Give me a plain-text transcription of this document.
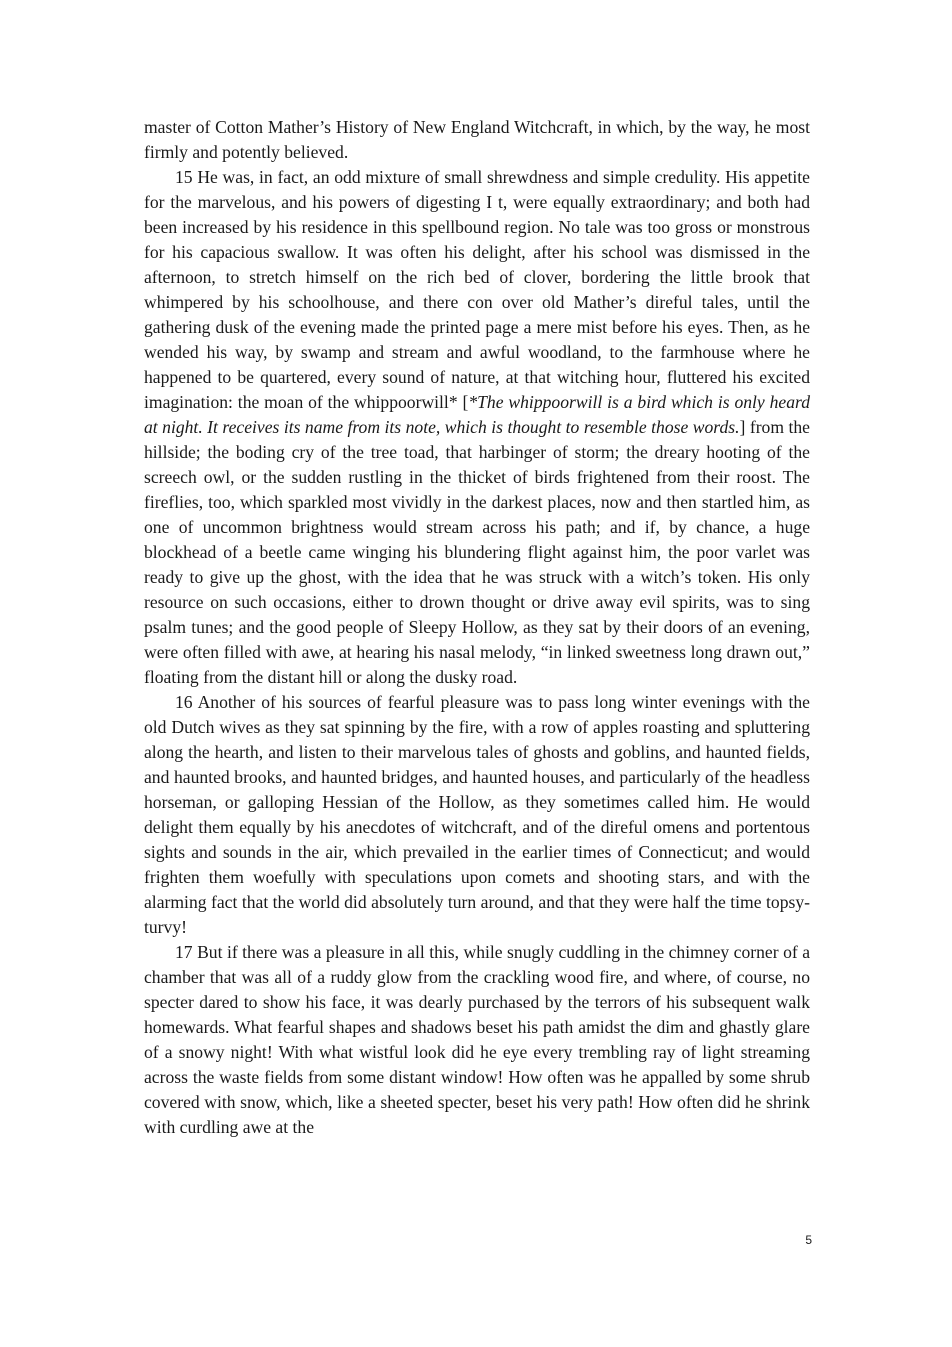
master of Cotton Mather’s History of New England Witchcraft, in which, by the way, he most firmly and potently believed.

15 He was, in fact, an odd mixture of small shrewdness and simple credulity. His appetite for the marvelous, and his powers of digesting I t, were equally extraordinary; and both had been increased by his residence in this spellbound region. No tale was too gross or monstrous for his capacious swallow. It was often his delight, after his school was dismissed in the afternoon, to stretch himself on the rich bed of clover, bordering the little brook that whimpered by his schoolhouse, and there con over old Mather’s direful tales, until the gathering dusk of the evening made the printed page a mere mist before his eyes. Then, as he wended his way, by swamp and stream and awful woodland, to the farmhouse where he happened to be quartered, every sound of nature, at that witching hour, fluttered his excited imagination: the moan of the whippoorwill* [*The whippoorwill is a bird which is only heard at night. It receives its name from its note, which is thought to resemble those words.] from the hillside; the boding cry of the tree toad, that harbinger of storm; the dreary hooting of the screech owl, or the sudden rustling in the thicket of birds frightened from their roost. The fireflies, too, which sparkled most vividly in the darkest places, now and then startled him, as one of uncommon brightness would stream across his path; and if, by chance, a huge blockhead of a beetle came winging his blundering flight against him, the poor varlet was ready to give up the ghost, with the idea that he was struck with a witch’s token. His only resource on such occasions, either to drown thought or drive away evil spirits, was to sing psalm tunes; and the good people of Sleepy Hollow, as they sat by their doors of an evening, were often filled with awe, at hearing his nasal melody, “in linked sweetness long drawn out,” floating from the distant hill or along the dusky road.

16 Another of his sources of fearful pleasure was to pass long winter evenings with the old Dutch wives as they sat spinning by the fire, with a row of apples roasting and spluttering along the hearth, and listen to their marvelous tales of ghosts and goblins, and haunted fields, and haunted brooks, and haunted bridges, and haunted houses, and particularly of the headless horseman, or galloping Hessian of the Hollow, as they sometimes called him. He would delight them equally by his anecdotes of witchcraft, and of the direful omens and portentous sights and sounds in the air, which prevailed in the earlier times of Connecticut; and would frighten them woefully with speculations upon comets and shooting stars, and with the alarming fact that the world did absolutely turn around, and that they were half the time topsy-turvy!

17 But if there was a pleasure in all this, while snugly cuddling in the chimney corner of a chamber that was all of a ruddy glow from the crackling wood fire, and where, of course, no specter dared to show his face, it was dearly purchased by the terrors of his subsequent walk homewards. What fearful shapes and shadows beset his path amidst the dim and ghastly glare of a snowy night! With what wistful look did he eye every trembling ray of light streaming across the waste fields from some distant window! How often was he appalled by some shrub covered with snow, which, like a sheeted specter, beset his very path! How often did he shrink with curdling awe at the

5
